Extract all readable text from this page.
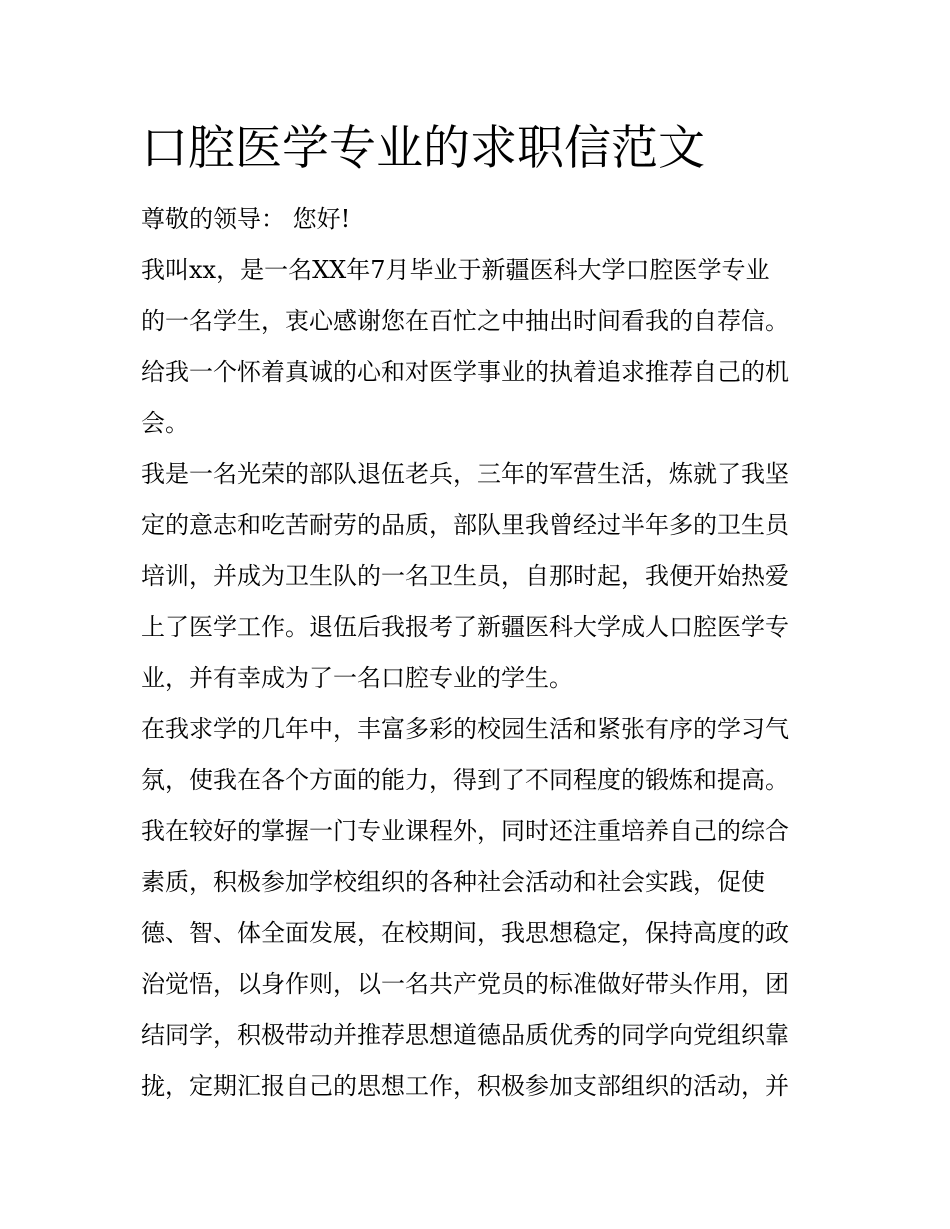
口腔医学专业的求职信范文
尊敬的领导： 您好!
我叫xx，是一名XX年7月毕业于新疆医科大学口腔医学专业
的一名学生，衷心感谢您在百忙之中抽出时间看我的自荐信。
给我一个怀着真诚的心和对医学事业的执着追求推荐自己的机
会。
我是一名光荣的部队退伍老兵，三年的军营生活，炼就了我坚
定的意志和吃苦耐劳的品质，部队里我曾经过半年多的卫生员
培训，并成为卫生队的一名卫生员，自那时起，我便开始热爱
上了医学工作。退伍后我报考了新疆医科大学成人口腔医学专
业，并有幸成为了一名口腔专业的学生。
在我求学的几年中，丰富多彩的校园生活和紧张有序的学习气
氛，使我在各个方面的能力，得到了不同程度的锻炼和提高。
我在较好的掌握一门专业课程外，同时还注重培养自己的综合
素质，积极参加学校组织的各种社会活动和社会实践，促使
德、智、体全面发展，在校期间，我思想稳定，保持高度的政
治觉悟，以身作则，以一名共产党员的标准做好带头作用，团
结同学，积极带动并推荐思想道德品质优秀的同学向党组织靠
拢，定期汇报自己的思想工作，积极参加支部组织的活动，并
